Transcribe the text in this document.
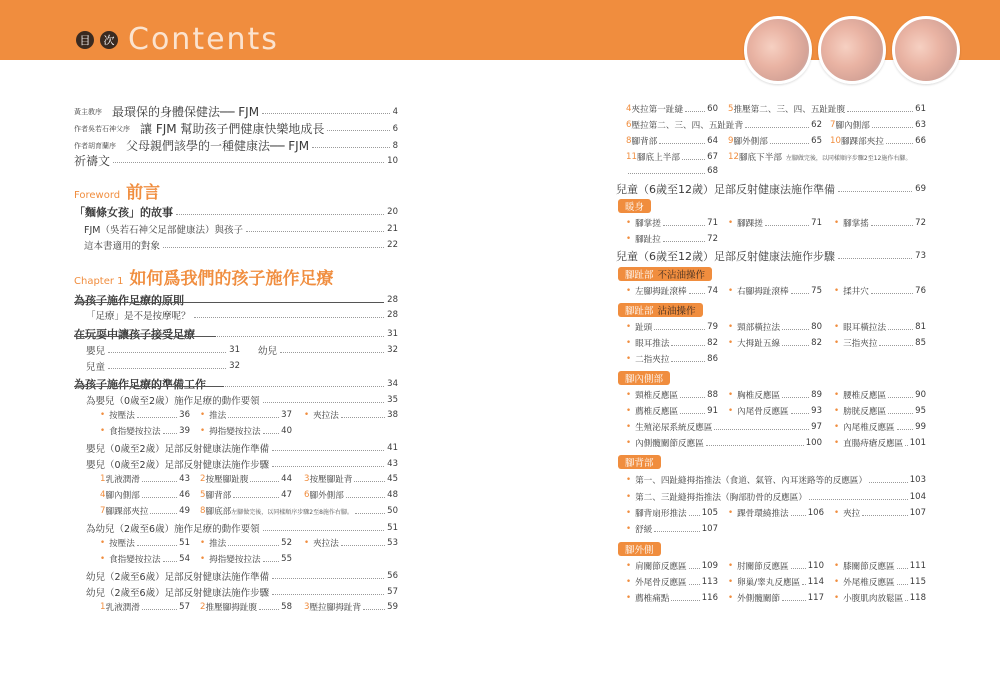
目	次 Contents
黃主教序 最環保的身體保健法── FJM	4
作者吳若石神父序 讓 FJM 幫助孩子們健康快樂地成長	6
作者胡育蘭序 父母親們該學的一種健康法── FJM	8
祈禱文	10
Foreword 前言
「麵條女孩」的故事	20
FJM（吳若石神父足部健康法）與孩子	21
這本書適用的對象	22
Chapter 1 如何爲我們的孩子施作足療
為孩子施作足療的原則	28
「足療」是不是按摩呢？	28
在玩耍中讓孩子接受足療	31
嬰兒	31 幼兒	32
兒童	32
為孩子施作足療的準備工作	34
為嬰兒（0歲至2歲）施作足療的動作要領	35
• 按壓法	36 • 推法	37 • 夾拉法	38
• 食指變按拉法 39 • 拇指變按拉法 40
嬰兒（0歲至2歲）足部反射健康法施作準備	41
嬰兒（0歲至2歲）足部反射健康法施作步驟	43
1 乳液潤滑	43 2 按壓腳趾腹	44 3 按壓腳趾背	45
4 腳內側部	46 5 腳背部	47 6 腳外側部	48
7 腳踝部夾拉	49 8 腳底部 左腳做完後，以同樣順序步驟2至8施作右腳。	50
為幼兒（2歲至6歲）施作足療的動作要領	51
• 按壓法	51 • 推法	52 • 夾拉法	53
• 食指變按拉法 54 • 拇指變按拉法 55
幼兒（2歲至6歲）足部反射健康法施作準備	56
幼兒（2歲至6歲）足部反射健康法施作步驟	57
1 乳液潤滑	57 2 推壓腳拇趾腹	58 3 壓拉腳拇趾背	59
4 夾拉第一趾縫	60 5 推壓第二、三、四、五趾趾腹	61
6 壓拉第二、三、四、五趾趾背	62 7 腳內側部	63
8 腳背部	64 9 腳外側部	65 10 腳踝部夾拉	66
11 腳底上半部	67 12 腳底下半部 左腳做完後，以同樣順序步驟2至12施作右腳。
68
兒童（6歲至12歲）足部反射健康法施作準備	69
暖身
• 腳掌搓	71 • 腳踝搓	71 • 腳掌搖	72
• 腳趾拉	72
兒童（6歲至12歲）足部反射健康法施作步驟	73
腳趾部 不沾油操作
• 左腳拇趾滾棒 74 • 右腳拇趾滾棒	75 • 揉井穴	76
腳趾部 沾油操作
• 趾頭	79 • 頸部橫拉法	80 • 眼耳橫拉法	81
• 眼耳推法	82 • 大拇趾五線	82 • 三指夾拉	85
• 二指夾拉	86
腳內側部
• 頸椎反應區	88 • 胸椎反應區	89 • 腰椎反應區	90
• 薦椎反應區	91 • 內尾骨反應區	93 • 膀胱反應區	95
• 生殖泌尿系統反應區	97 • 內尾椎反應區 99
• 內側髖關節反應區	100 • 直腸痔瘡反應區 101
腳背部
• 第一、四趾縫拇指推法（食道、氣管、內耳迷路等的反應區）	103
• 第二、三趾縫拇指推法（胸部肋骨的反應區）	104
• 腳背扇形推法 105 • 踝骨環繞推法 106 • 夾拉	107
• 舒緩	107
腳外側
• 肩關節反應區 109 • 肘關節反應區 110 • 膝關節反應區 111
• 外尾骨反應區 113 • 卵巢/睾丸反應區 114 • 外尾椎反應區 115
• 薦椎痛點	116 • 外側髖關節	117 • 小腹肌肉放鬆區 118
